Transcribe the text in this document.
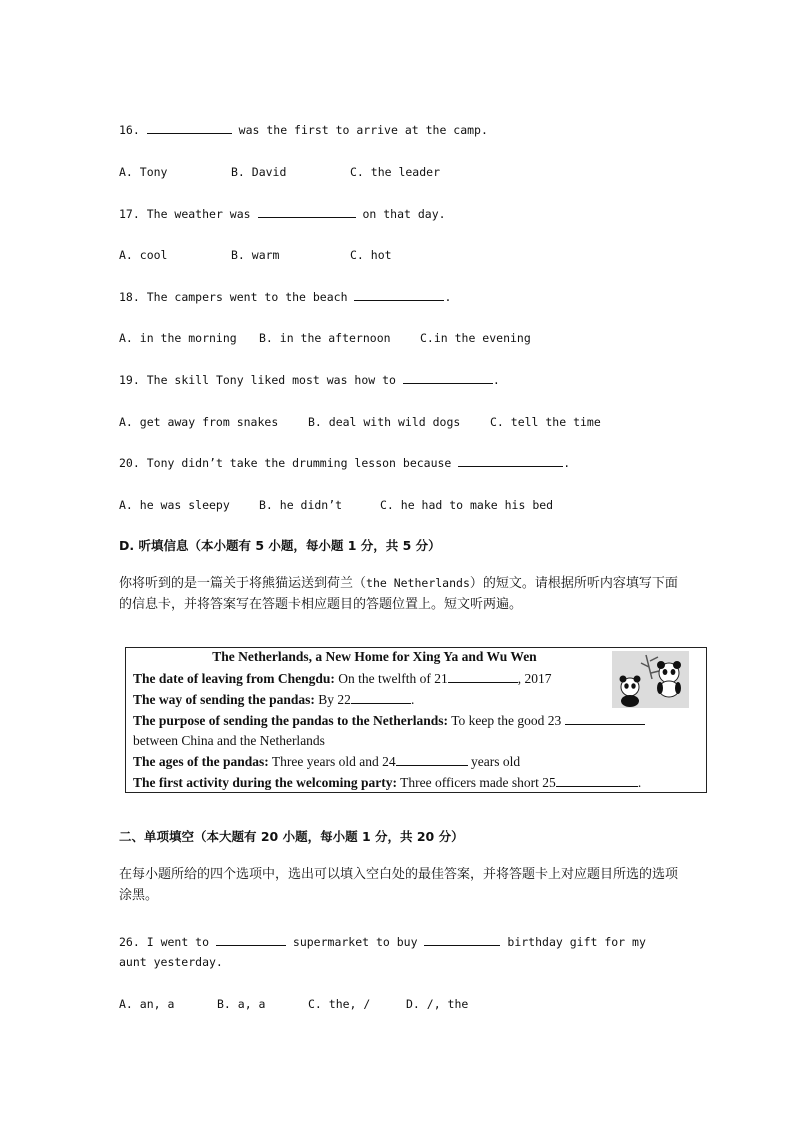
16.	was the first to arrive at the camp.
A. Tony	B. David	C. the leader
17. The weather was	on that day.
A. cool	B. warm	C. hot
18. The campers went to the beach	.
A. in the morning B. in the afternoon	C.in the evening
19. The skill Tony liked most was how to	.
A. get away from snakes	B. deal with wild dogs	C. tell the time
20. Tony didn’t take the drumming lesson because	.
A. he was sleepy	B. he didn’t	C. he had to make his bed
D. 听填信息（本小题有 5 小题，每小题 1 分，共 5 分）
你将听到的是一篇关于将熊猫运送到荷兰（the Netherlands）的短文。请根据所听内容填写下面的信息卡，并将答案写在答题卡相应题目的答题位置上。短文听两遍。
The Netherlands, a New Home for Xing Ya and Wu Wen
The date of leaving from Chengdu: On the twelfth of 21	, 2017
The way of sending the pandas: By 22	.
The purpose of sending the pandas to the Netherlands: To keep the good 23
between China and the Netherlands
The ages of the pandas: Three years old and 24	years old
The first activity during the welcoming party: Three officers made short 25	.
二、单项填空（本大题有 20 小题，每小题 1 分，共 20 分）
在每小题所给的四个选项中，选出可以填入空白处的最佳答案，并将答题卡上对应题目所选的选项涂黑。
26. I went to	supermarket to buy	birthday gift for my
aunt yesterday.
A. an, a	B. a, a	C. the, /	D. /, the
